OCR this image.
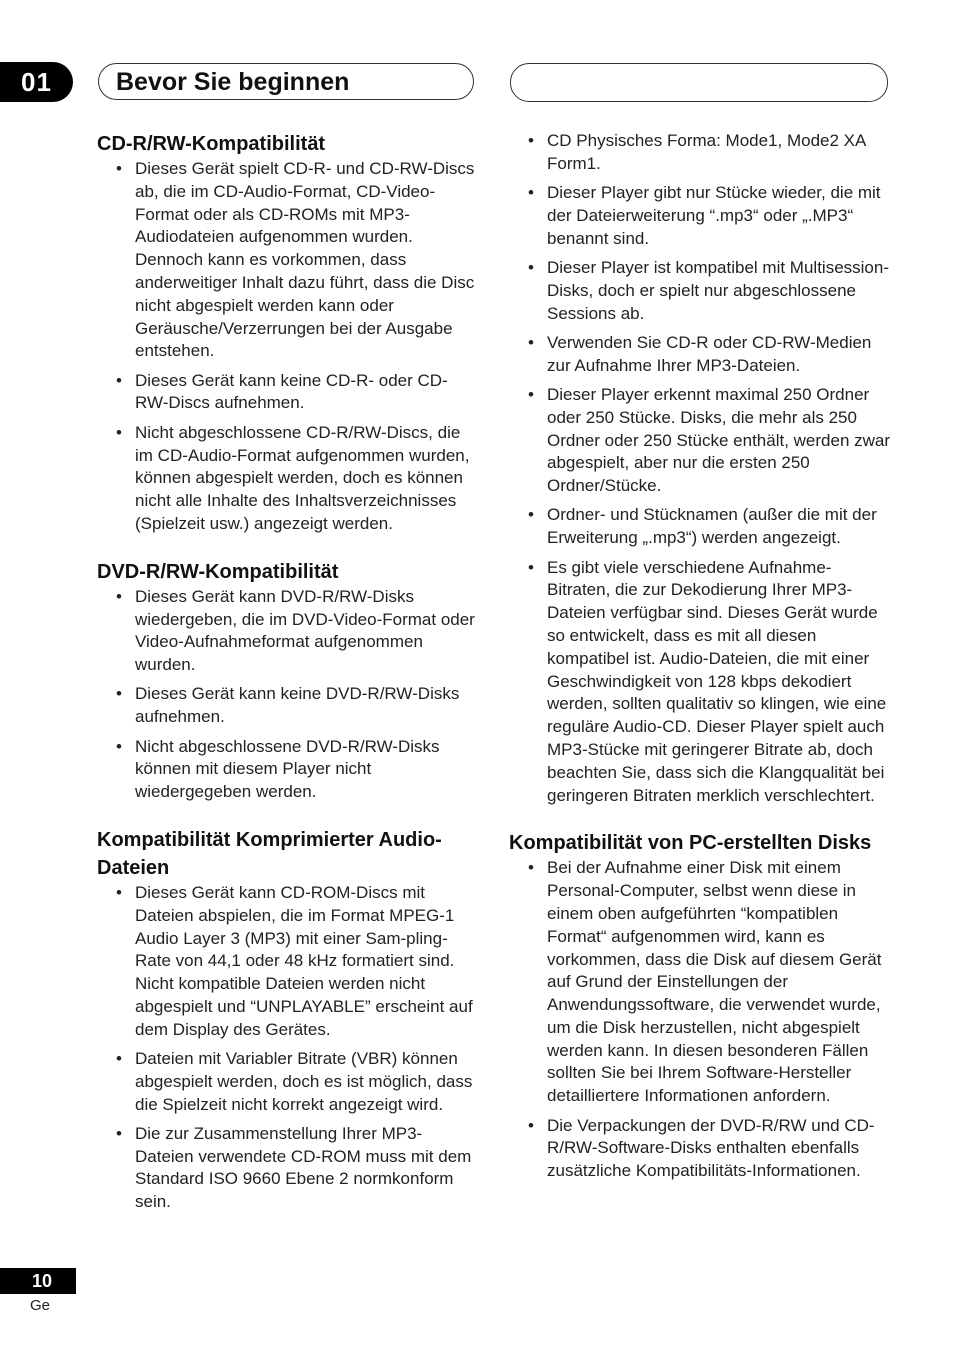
01	Bevor Sie beginnen
CD-R/RW-Kompatibilität
• Dieses Gerät spielt CD-R- und CD-RW-Discs ab, die im CD-Audio-Format, CD-Video-Format oder als CD-ROMs mit MP3-Audiodateien aufgenommen wurden. Dennoch kann es vorkommen, dass anderweitiger Inhalt dazu führt, dass die Disc nicht abgespielt werden kann oder Geräusche/Verzerrungen bei der Ausgabe entstehen.
• Dieses Gerät kann keine CD-R- oder CD-RW-Discs aufnehmen.
• Nicht abgeschlossene CD-R/RW-Discs, die im CD-Audio-Format aufgenommen wurden, können abgespielt werden, doch es können nicht alle Inhalte des Inhaltsverzeichnisses (Spielzeit usw.) angezeigt werden.
DVD-R/RW-Kompatibilität
• Dieses Gerät kann DVD-R/RW-Disks wiedergeben, die im DVD-Video-Format oder Video-Aufnahmeformat aufgenommen wurden.
• Dieses Gerät kann keine DVD-R/RW-Disks aufnehmen.
• Nicht abgeschlossene DVD-R/RW-Disks können mit diesem Player nicht wiedergegeben werden.
Kompatibilität Komprimierter Audio-Dateien
• Dieses Gerät kann CD-ROM-Discs mit Dateien abspielen, die im Format MPEG-1 Audio Layer 3 (MP3) mit einer Sam-pling-Rate von 44,1 oder 48 kHz formatiert sind. Nicht kompatible Dateien werden nicht abgespielt und “UNPLAYABLE” erscheint auf dem Display des Gerätes.
• Dateien mit Variabler Bitrate (VBR) können abgespielt werden, doch es ist möglich, dass die Spielzeit nicht korrekt angezeigt wird.
• Die zur Zusammenstellung Ihrer MP3-Dateien verwendete CD-ROM muss mit dem Standard ISO 9660 Ebene 2 normkonform sein.
• CD Physisches Forma: Mode1, Mode2 XA Form1.
• Dieser Player gibt nur Stücke wieder, die mit der Dateierweiterung “.mp3“ oder „.MP3“ benannt sind.
• Dieser Player ist kompatibel mit Multisession-Disks, doch er spielt nur abgeschlossene Sessions ab.
• Verwenden Sie CD-R oder CD-RW-Medien zur Aufnahme Ihrer MP3-Dateien.
• Dieser Player erkennt maximal 250 Ordner oder 250 Stücke. Disks, die mehr als 250 Ordner oder 250 Stücke enthält, werden zwar abgespielt, aber nur die ersten 250 Ordner/Stücke.
• Ordner- und Stücknamen (außer die mit der Erweiterung „.mp3“) werden angezeigt.
• Es gibt viele verschiedene Aufnahme-Bitraten, die zur Dekodierung Ihrer MP3-Dateien verfügbar sind. Dieses Gerät wurde so entwickelt, dass es mit all diesen kompatibel ist. Audio-Dateien, die mit einer Geschwindigkeit von 128 kbps dekodiert werden, sollten qualitativ so klingen, wie eine reguläre Audio-CD. Dieser Player spielt auch MP3-Stücke mit geringerer Bitrate ab, doch beachten Sie, dass sich die Klangqualität bei geringeren Bitraten merklich verschlechtert.
Kompatibilität von PC-erstellten Disks
• Bei der Aufnahme einer Disk mit einem Personal-Computer, selbst wenn diese in einem oben aufgeführten “kompatiblen Format“ aufgenommen wird, kann es vorkommen, dass die Disk auf diesem Gerät auf Grund der Einstellungen der Anwendungssoftware, die verwendet wurde, um die Disk herzustellen, nicht abgespielt werden kann. In diesen besonderen Fällen sollten Sie bei Ihrem Software-Hersteller detailliertere Informationen anfordern.
• Die Verpackungen der DVD-R/RW und CD-R/RW-Software-Disks enthalten ebenfalls zusätzliche Kompatibilitäts-Informationen.
10
Ge
